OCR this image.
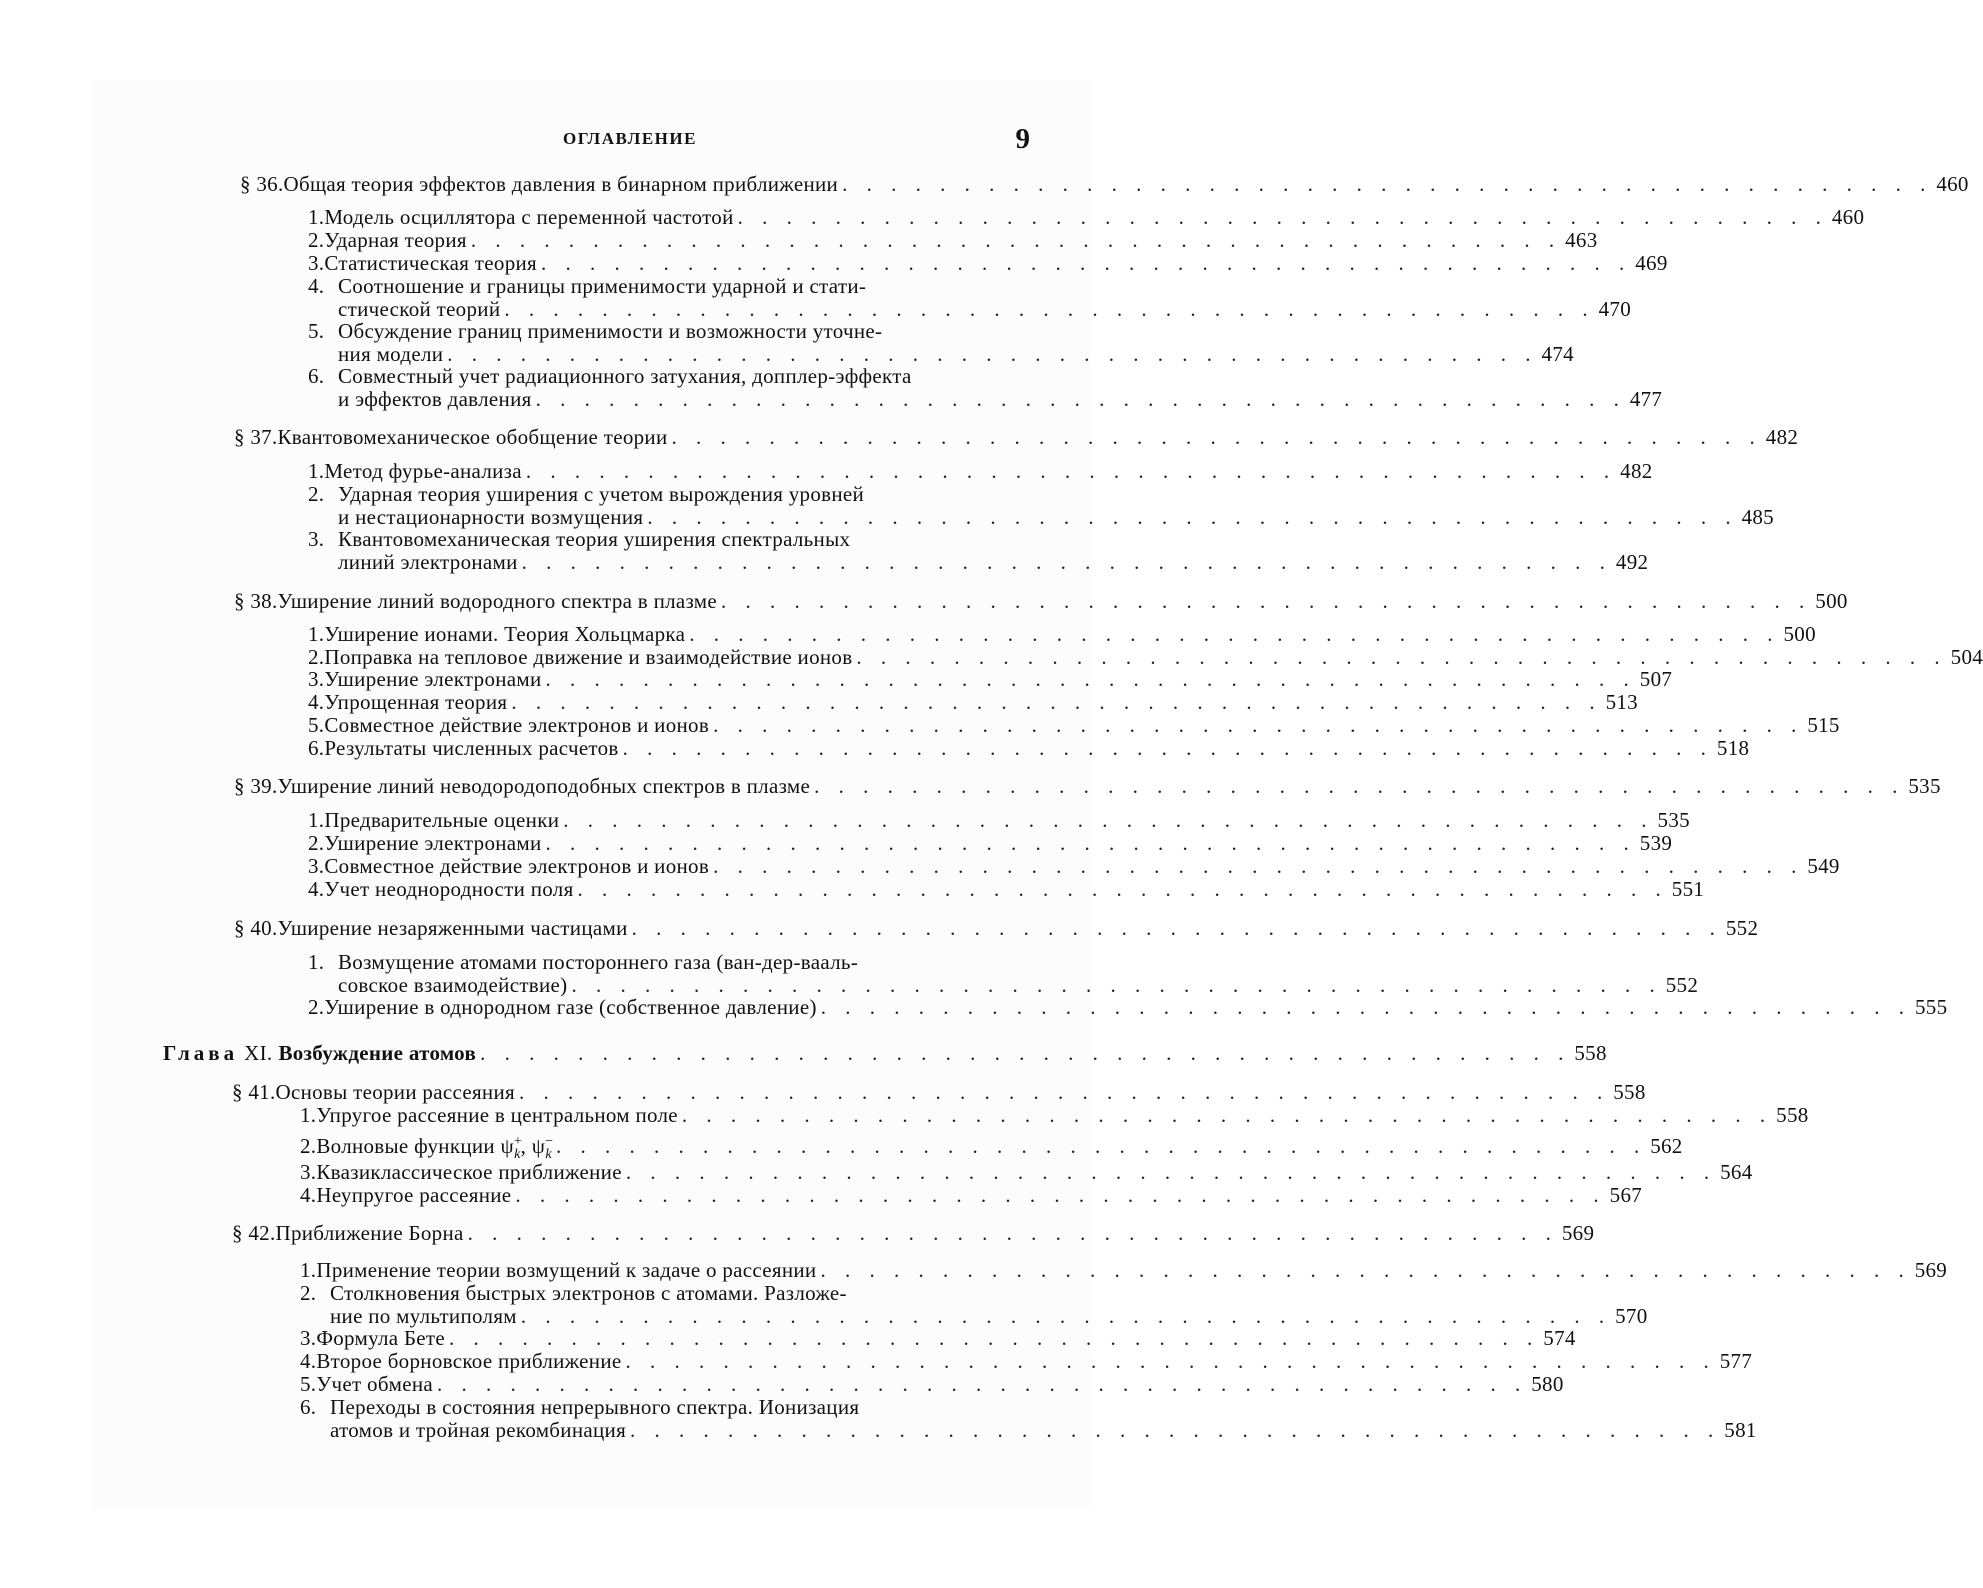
ОГЛАВЛЕНИЕ	9
§ 36. Общая теория эффектов давления в бинарном приближении . . . . . . . . . . . . . . . . . . . . . . . . . . . . . . . . . . . . . . . . . . . . . 460
1. Модель осциллятора с переменной частотой . . . . . . . . . . . . . . . . . . . . . . . . . . . . . . . . . . . . . . . . . . . . . 460
2. Ударная теория . . . . . . . . . . . . . . . . . . . . . . . . . . . . . . . . . . . . . . . . . . . . . 463
3. Статистическая теория . . . . . . . . . . . . . . . . . . . . . . . . . . . . . . . . . . . . . . . . . . . . . 469
4. Соотношение и границы применимости ударной и стати-
стической теорий . . . . . . . . . . . . . . . . . . . . . . . . . . . . . . . . . . . . . . . . . . . . . 470
5. Обсуждение границ применимости и возможности уточне-
ния модели . . . . . . . . . . . . . . . . . . . . . . . . . . . . . . . . . . . . . . . . . . . . . 474
6. Совместный учет радиационного затухания, допплер-эффекта
и эффектов давления . . . . . . . . . . . . . . . . . . . . . . . . . . . . . . . . . . . . . . . . . . . . . 477
§ 37. Квантовомеханическое обобщение теории . . . . . . . . . . . . . . . . . . . . . . . . . . . . . . . . . . . . . . . . . . . . . 482
1. Метод фурье-анализа . . . . . . . . . . . . . . . . . . . . . . . . . . . . . . . . . . . . . . . . . . . . . 482
2. Ударная теория уширения с учетом вырождения уровней
и нестационарности возмущения . . . . . . . . . . . . . . . . . . . . . . . . . . . . . . . . . . . . . . . . . . . . . 485
3. Квантовомеханическая теория уширения спектральных
линий электронами . . . . . . . . . . . . . . . . . . . . . . . . . . . . . . . . . . . . . . . . . . . . . 492
§ 38. Уширение линий водородного спектра в плазме . . . . . . . . . . . . . . . . . . . . . . . . . . . . . . . . . . . . . . . . . . . . . 500
1. Уширение ионами. Теория Хольцмарка . . . . . . . . . . . . . . . . . . . . . . . . . . . . . . . . . . . . . . . . . . . . . 500
2. Поправка на тепловое движение и взаимодействие ионов . . . . . . . . . . . . . . . . . . . . . . . . . . . . . . . . . . . . . . . . . . . . . 504
3. Уширение электронами . . . . . . . . . . . . . . . . . . . . . . . . . . . . . . . . . . . . . . . . . . . . . 507
4. Упрощенная теория . . . . . . . . . . . . . . . . . . . . . . . . . . . . . . . . . . . . . . . . . . . . . 513
5. Совместное действие электронов и ионов . . . . . . . . . . . . . . . . . . . . . . . . . . . . . . . . . . . . . . . . . . . . . 515
6. Результаты численных расчетов . . . . . . . . . . . . . . . . . . . . . . . . . . . . . . . . . . . . . . . . . . . . . 518
§ 39. Уширение линий неводородоподобных спектров в плазме . . . . . . . . . . . . . . . . . . . . . . . . . . . . . . . . . . . . . . . . . . . . . 535
1. Предварительные оценки . . . . . . . . . . . . . . . . . . . . . . . . . . . . . . . . . . . . . . . . . . . . . 535
2. Уширение электронами . . . . . . . . . . . . . . . . . . . . . . . . . . . . . . . . . . . . . . . . . . . . . 539
3. Совместное действие электронов и ионов . . . . . . . . . . . . . . . . . . . . . . . . . . . . . . . . . . . . . . . . . . . . . 549
4. Учет неоднородности поля . . . . . . . . . . . . . . . . . . . . . . . . . . . . . . . . . . . . . . . . . . . . . 551
§ 40. Уширение незаряженными частицами . . . . . . . . . . . . . . . . . . . . . . . . . . . . . . . . . . . . . . . . . . . . . 552
1. Возмущение атомами постороннего газа (ван-дер-вааль-
совское взаимодействие) . . . . . . . . . . . . . . . . . . . . . . . . . . . . . . . . . . . . . . . . . . . . . 552
2. Уширение в однородном газе (собственное давление) . . . . . . . . . . . . . . . . . . . . . . . . . . . . . . . . . . . . . . . . . . . . . 555
Глава XI. Возбуждение атомов . . . . . . . . . . . . . . . . . . . . . . . . . . . . . . . . . . . . . . . . . . . . . 558
§ 41. Основы теории рассеяния . . . . . . . . . . . . . . . . . . . . . . . . . . . . . . . . . . . . . . . . . . . . . 558
1. Упругое рассеяние в центральном поле . . . . . . . . . . . . . . . . . . . . . . . . . . . . . . . . . . . . . . . . . . . . . 558
2. Волновые функции $\psi^+_k$, $\psi^-_k$ . . . . . . . . . . . . . . . . . . . . . . . . . . . . . . . . . . . . . . . . . . . . . 562
3. Квазиклассическое приближение . . . . . . . . . . . . . . . . . . . . . . . . . . . . . . . . . . . . . . . . . . . . . 564
4. Неупругое рассеяние . . . . . . . . . . . . . . . . . . . . . . . . . . . . . . . . . . . . . . . . . . . . . 567
§ 42. Приближение Борна . . . . . . . . . . . . . . . . . . . . . . . . . . . . . . . . . . . . . . . . . . . . . 569
1. Применение теории возмущений к задаче о рассеянии . . . . . . . . . . . . . . . . . . . . . . . . . . . . . . . . . . . . . . . . . . . . . 569
2. Столкновения быстрых электронов с атомами. Разложе-
ние по мультиполям . . . . . . . . . . . . . . . . . . . . . . . . . . . . . . . . . . . . . . . . . . . . . 570
3. Формула Бете . . . . . . . . . . . . . . . . . . . . . . . . . . . . . . . . . . . . . . . . . . . . . 574
4. Второе борновское приближение . . . . . . . . . . . . . . . . . . . . . . . . . . . . . . . . . . . . . . . . . . . . . 577
5. Учет обмена . . . . . . . . . . . . . . . . . . . . . . . . . . . . . . . . . . . . . . . . . . . . . 580
6. Переходы в состояния непрерывного спектра. Ионизация
атомов и тройная рекомбинация . . . . . . . . . . . . . . . . . . . . . . . . . . . . . . . . . . . . . . . . . . . . . 581
